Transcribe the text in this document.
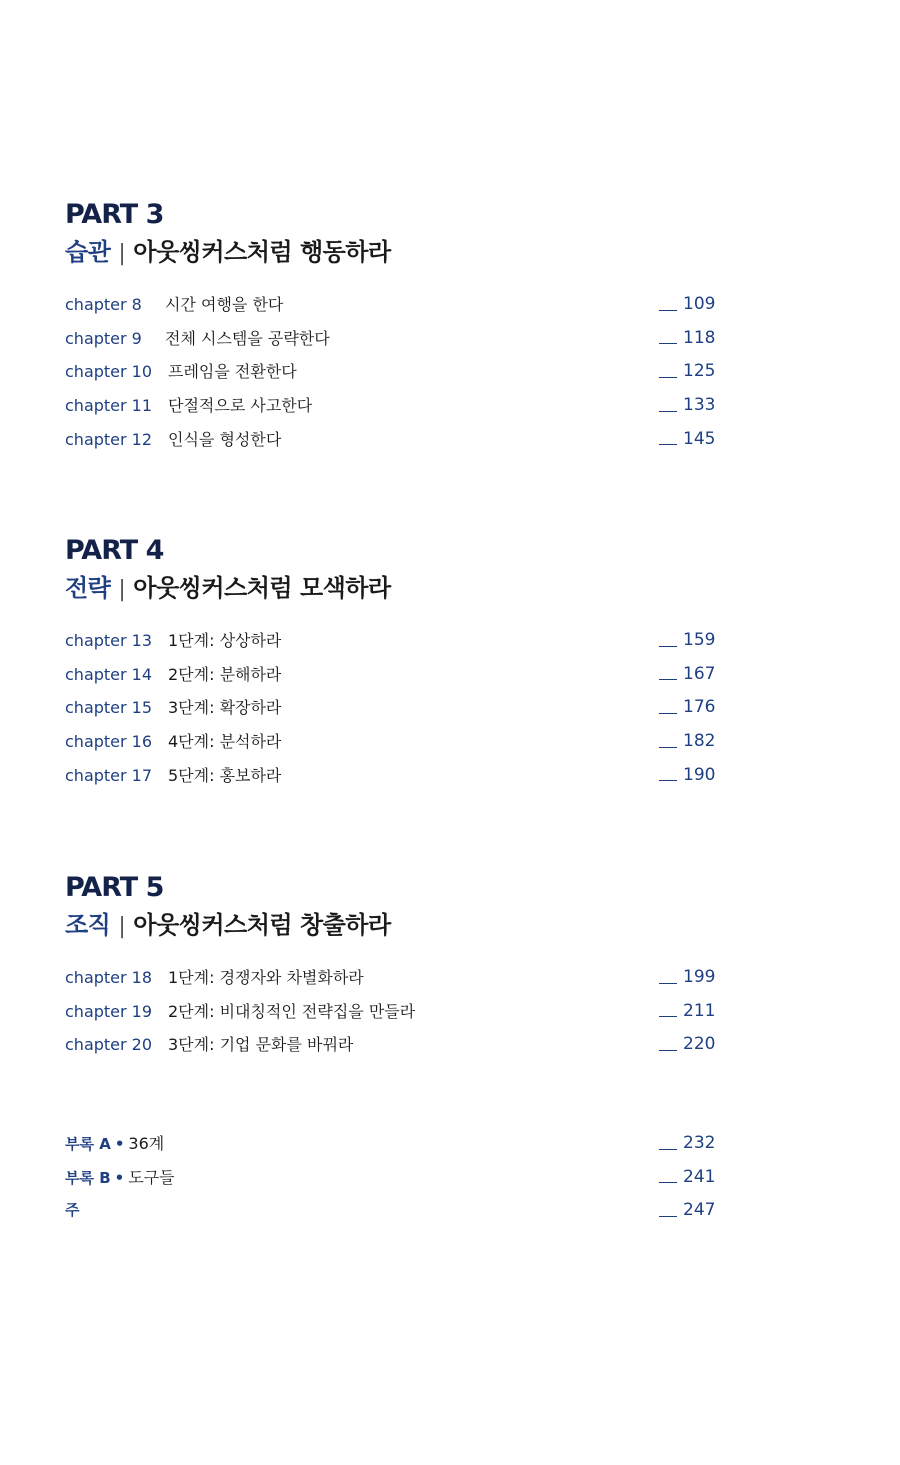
PART 3
습관 | 아웃씽커스처럼 행동하라
chapter 8 시간 여행을 한다	109
chapter 9 전체 시스템을 공략한다	118
chapter 10 프레임을 전환한다	125
chapter 11 단절적으로 사고한다	133
chapter 12 인식을 형성한다	145
PART 4
전략 | 아웃씽커스처럼 모색하라
chapter 13 1단계: 상상하라	159
chapter 14 2단계: 분해하라	167
chapter 15 3단계: 확장하라	176
chapter 16 4단계: 분석하라	182
chapter 17 5단계: 홍보하라	190
PART 5
조직 | 아웃씽커스처럼 창출하라
chapter 18 1단계: 경쟁자와 차별화하라	199
chapter 19 2단계: 비대칭적인 전략집을 만들라	211
chapter 20 3단계: 기업 문화를 바꿔라	220
부록 A • 36계	232
부록 B • 도구들	241
주	247
